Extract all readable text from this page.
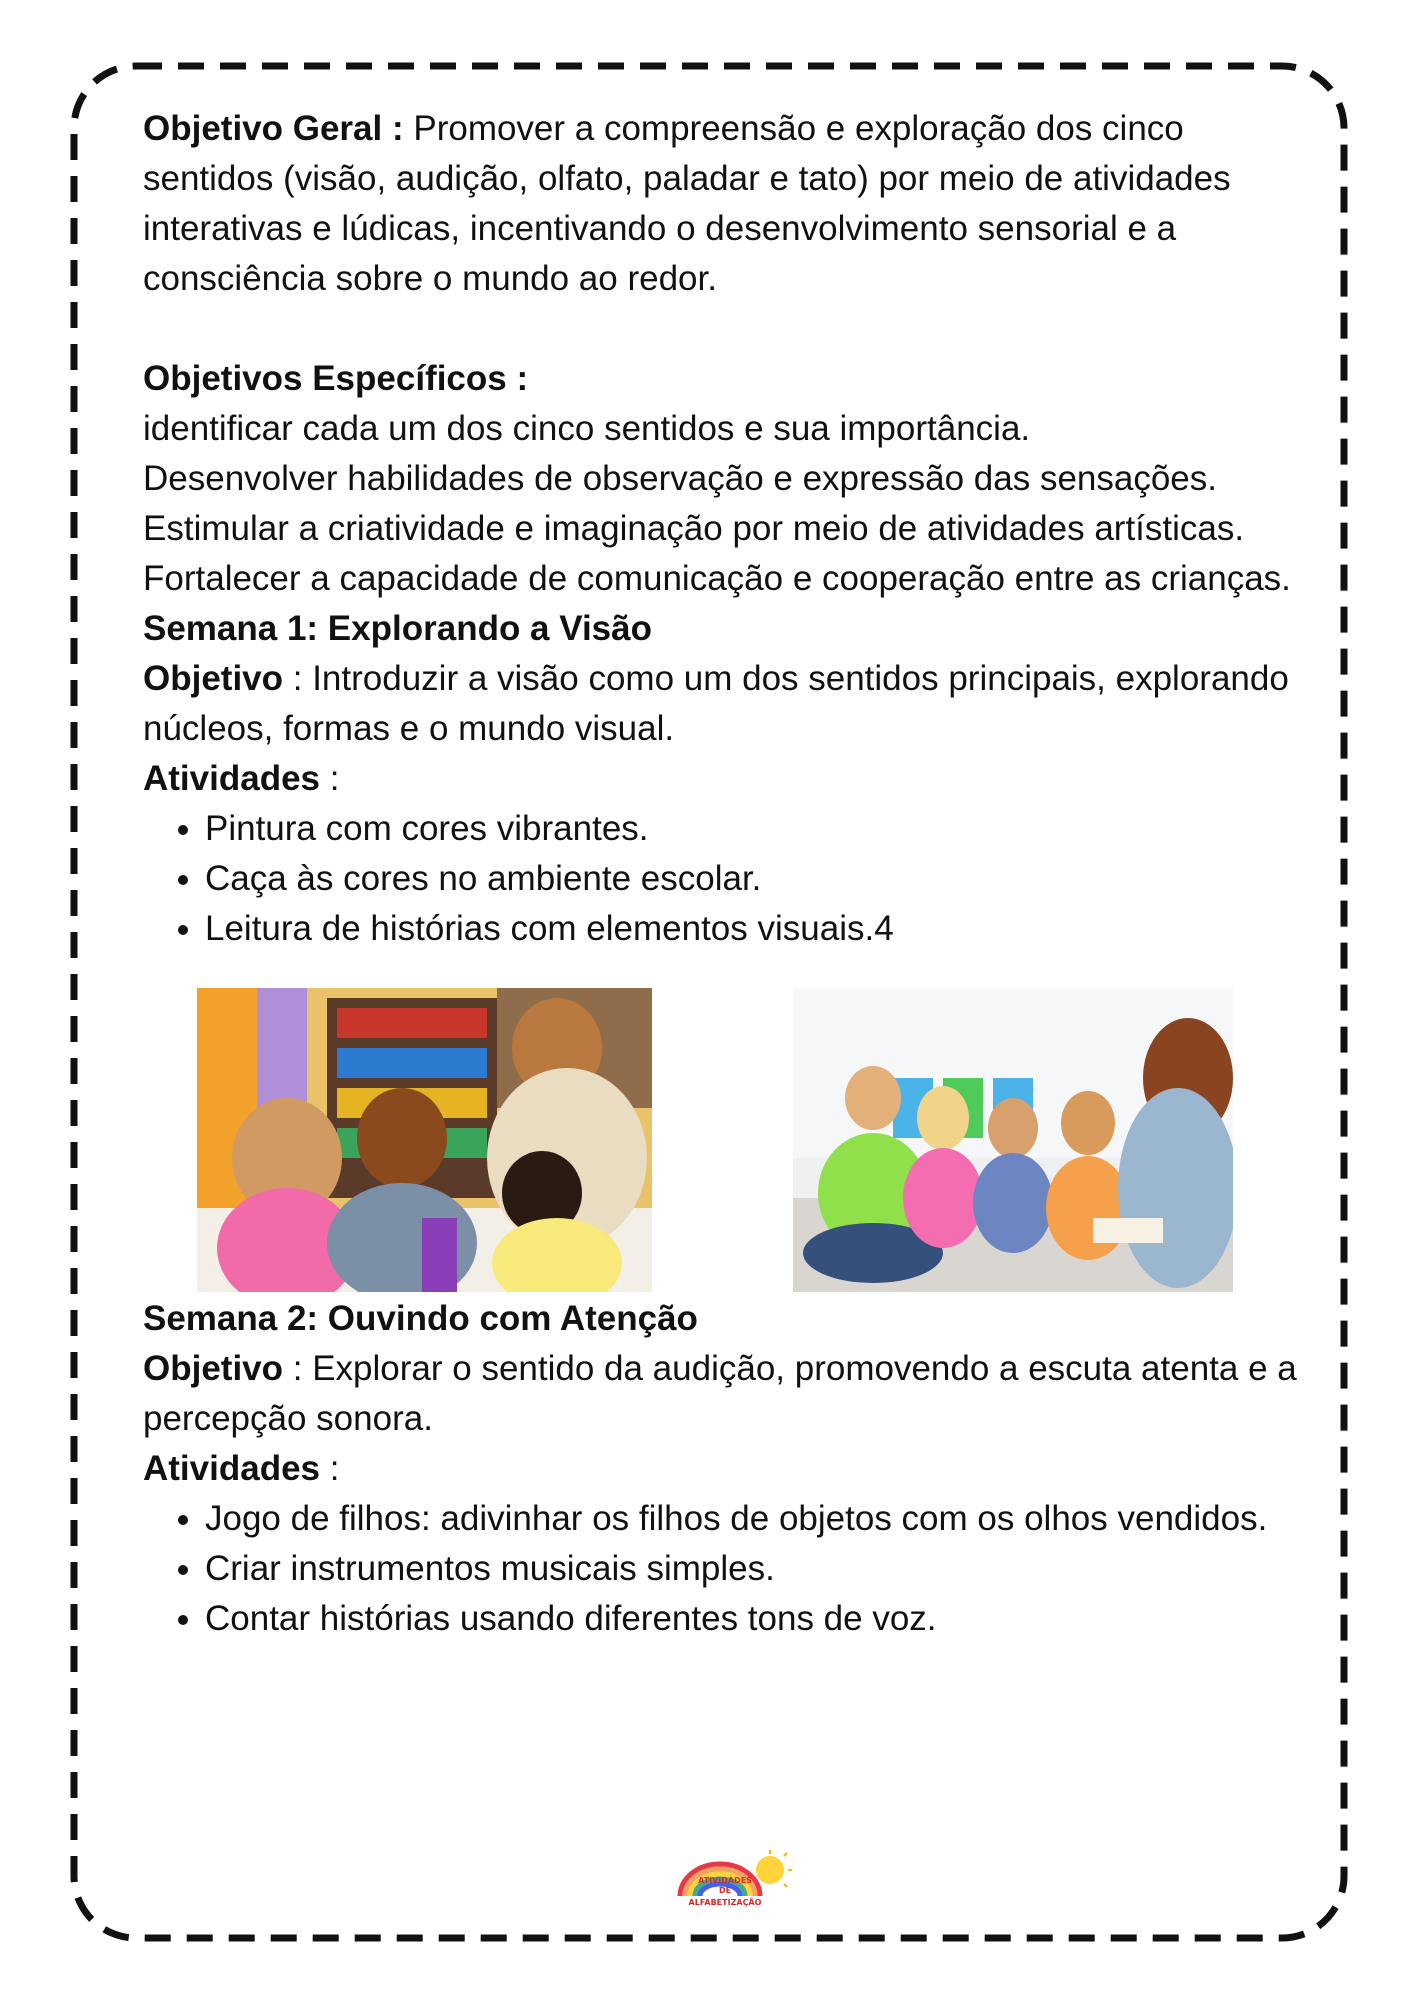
Objetivo Geral : Promover a compreensão e exploração dos cinco sentidos (visão, audição, olfato, paladar e tato) por meio de atividades interativas e lúdicas, incentivando o desenvolvimento sensorial e a consciência sobre o mundo ao redor.

Objetivos Específicos :

identificar cada um dos cinco sentidos e sua importância.

Desenvolver habilidades de observação e expressão das sensações.

Estimular a criatividade e imaginação por meio de atividades artísticas.

Fortalecer a capacidade de comunicação e cooperação entre as crianças.

Semana 1: Explorando a Visão

Objetivo : Introduzir a visão como um dos sentidos principais, explorando núcleos, formas e o mundo visual.

Atividades :

• Pintura com cores vibrantes.
• Caça às cores no ambiente escolar.
• Leitura de histórias com elementos visuais.4

Semana 2: Ouvindo com Atenção

Objetivo : Explorar o sentido da audição, promovendo a escuta atenta e a percepção sonora.

Atividades :

• Jogo de filhos: adivinhar os filhos de objetos com os olhos vendidos.
• Criar instrumentos musicais simples.
• Contar histórias usando diferentes tons de voz.
ATIVIDADES
DE
ALFABETIZAÇÃO
